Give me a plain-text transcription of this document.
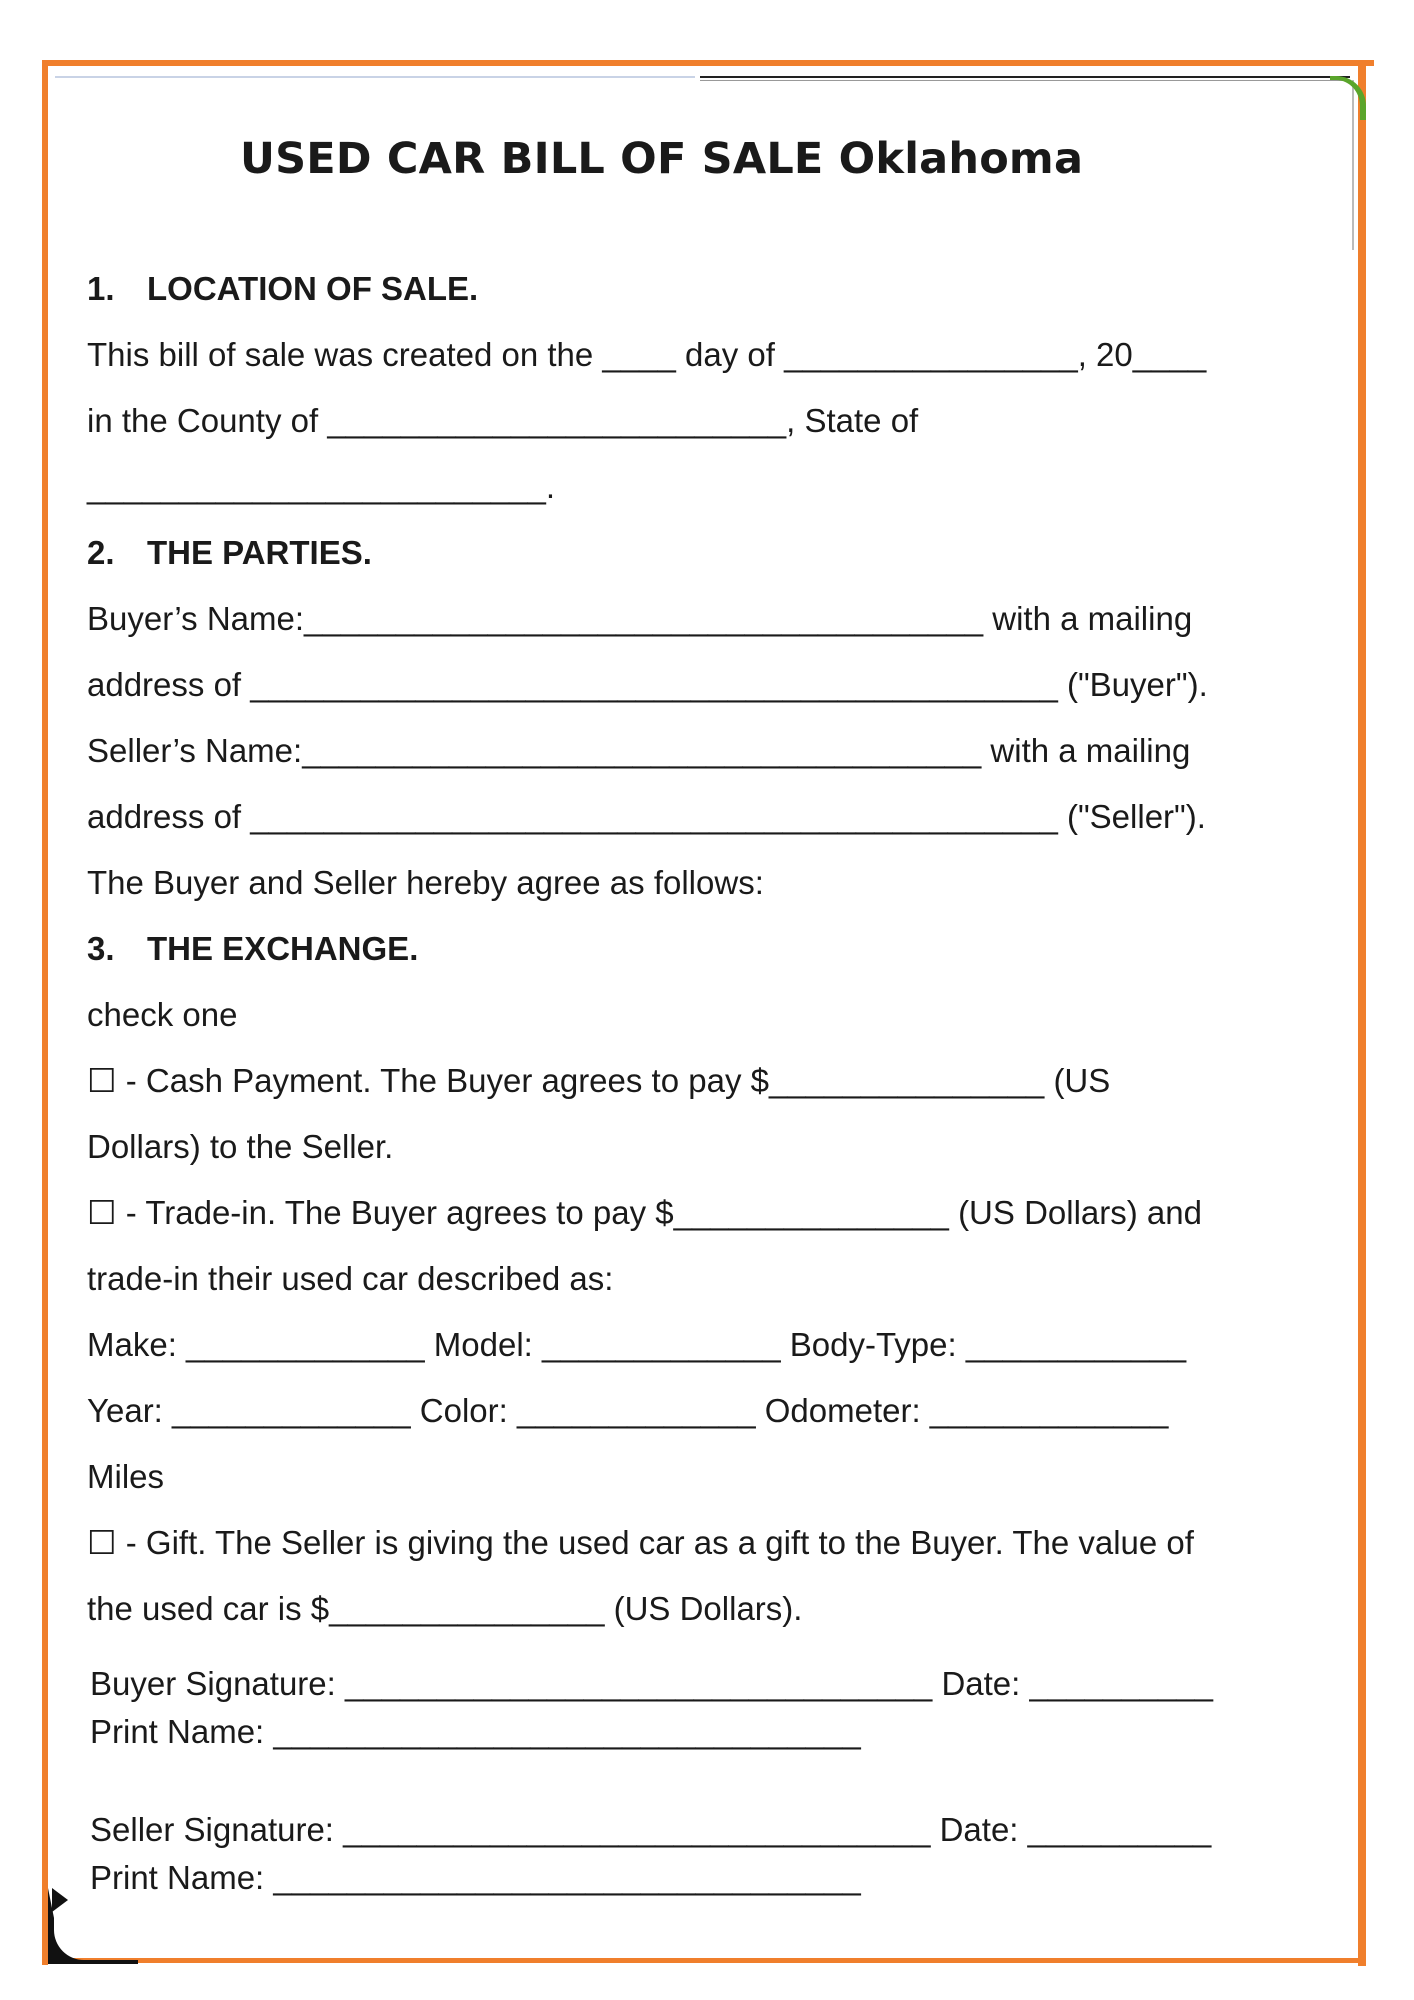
USED CAR BILL OF SALE Oklahoma
1. LOCATION OF SALE.
This bill of sale was created on the ____ day of ________________, 20____
in the County of _________________________, State of
_________________________.
2. THE PARTIES.
Buyer’s Name:_____________________________________ with a mailing
address of ____________________________________________ ("Buyer").
Seller’s Name:_____________________________________ with a mailing
address of ____________________________________________ ("Seller").
The Buyer and Seller hereby agree as follows:
3. THE EXCHANGE.
check one
☐ - Cash Payment. The Buyer agrees to pay $_______________ (US
Dollars) to the Seller.
☐ - Trade-in. The Buyer agrees to pay $_______________ (US Dollars) and
trade-in their used car described as:
Make: _____________ Model: _____________ Body-Type: ____________
Year: _____________ Color: _____________ Odometer: _____________
Miles
☐ - Gift. The Seller is giving the used car as a gift to the Buyer. The value of
the used car is $_______________ (US Dollars).
Buyer Signature: ________________________________ Date: __________
Print Name: ________________________________
Seller Signature: ________________________________ Date: __________
Print Name: ________________________________
